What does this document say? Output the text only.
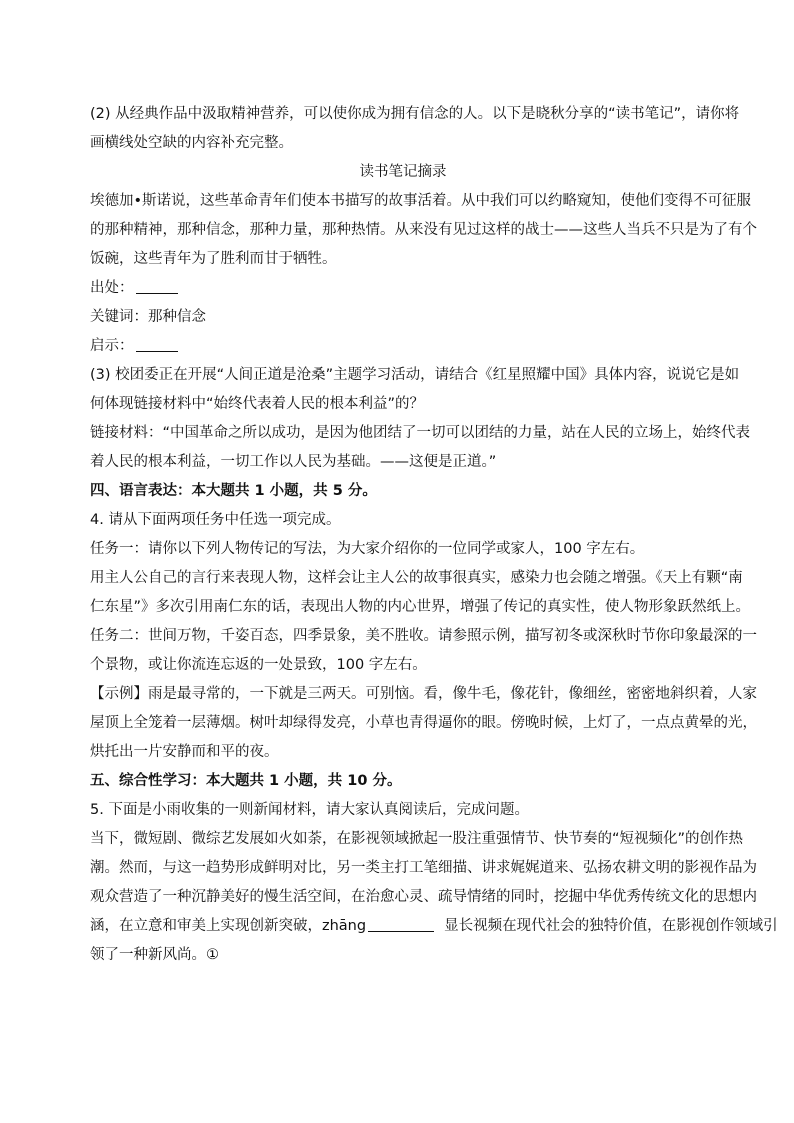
(2) 从经典作品中汲取精神营养，可以使你成为拥有信念的人。以下是晓秋分享的“读书笔记”，请你将
画横线处空缺的内容补充完整。
读书笔记摘录
埃德加•斯诺说，这些革命青年们使本书描写的故事活着。从中我们可以约略窥知，使他们变得不可征服
的那种精神，那种信念，那种力量，那种热情。从来没有见过这样的战士——这些人当兵不只是为了有个
饭碗，这些青年为了胜利而甘于牺牲。
出处：
关键词：那种信念
启示：
(3) 校团委正在开展“人间正道是沧桑”主题学习活动，请结合《红星照耀中国》具体内容，说说它是如
何体现链接材料中“始终代表着人民的根本利益”的？
链接材料：“中国革命之所以成功，是因为他团结了一切可以团结的力量，站在人民的立场上，始终代表
着人民的根本利益，一切工作以人民为基础。——这便是正道。”
四、语言表达：本大题共 1 小题，共 5 分。
4. 请从下面两项任务中任选一项完成。
任务一：请你以下列人物传记的写法，为大家介绍你的一位同学或家人，100 字左右。
用主人公自己的言行来表现人物，这样会让主人公的故事很真实，感染力也会随之增强。《天上有颗“南
仁东星”》多次引用南仁东的话，表现出人物的内心世界，增强了传记的真实性，使人物形象跃然纸上。
任务二：世间万物，千姿百态，四季景象，美不胜收。请参照示例，描写初冬或深秋时节你印象最深的一
个景物，或让你流连忘返的一处景致，100 字左右。
【示例】雨是最寻常的，一下就是三两天。可别恼。看，像牛毛，像花针，像细丝，密密地斜织着，人家
屋顶上全笼着一层薄烟。树叶却绿得发亮，小草也青得逼你的眼。傍晚时候，上灯了，一点点黄晕的光，
烘托出一片安静而和平的夜。
五、综合性学习：本大题共 1 小题，共 10 分。
5. 下面是小雨收集的一则新闻材料，请大家认真阅读后，完成问题。
当下，微短剧、微综艺发展如火如荼，在影视领域掀起一股注重强情节、快节奏的“短视频化”的创作热
潮。然而，与这一趋势形成鲜明对比，另一类主打工笔细描、讲求娓娓道来、弘扬农耕文明的影视作品为
观众营造了一种沉静美好的慢生活空间，在治愈心灵、疏导情绪的同时，挖掘中华优秀传统文化的思想内
涵，在立意和审美上实现创新突破，zhāng	显长视频在现代社会的独特价值，在影视创作领域引
领了一种新风尚。①
